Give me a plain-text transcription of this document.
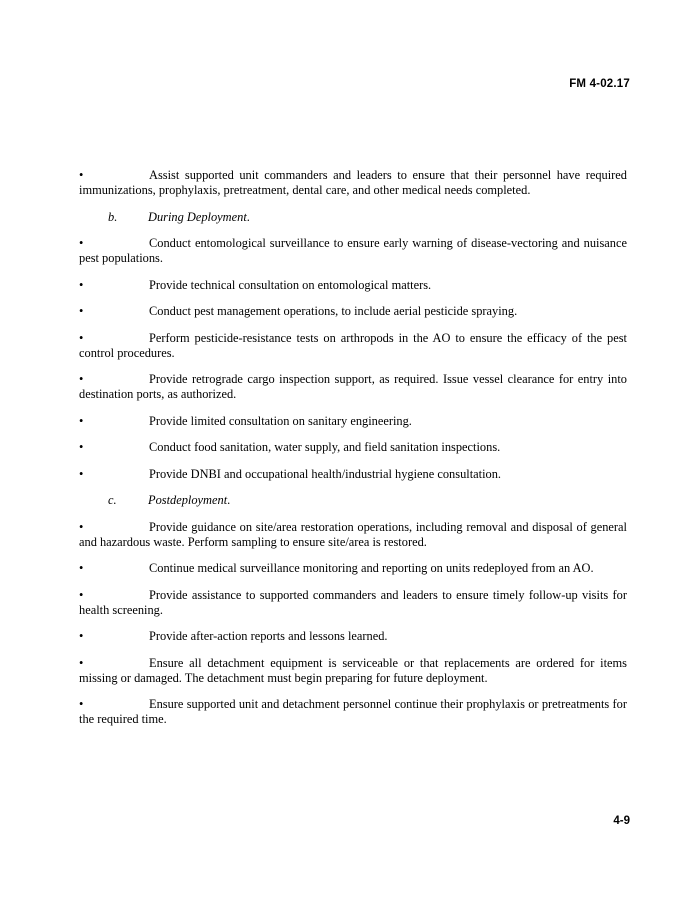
FM 4-02.17

•	Assist supported unit commanders and leaders to ensure that their personnel have required immunizations, prophylaxis, pretreatment, dental care, and other medical needs completed.

b. During Deployment.

•	Conduct entomological surveillance to ensure early warning of disease-vectoring and nuisance pest populations.

•	Provide technical consultation on entomological matters.

•	Conduct pest management operations, to include aerial pesticide spraying.

•	Perform pesticide-resistance tests on arthropods in the AO to ensure the efficacy of the pest control procedures.

•	Provide retrograde cargo inspection support, as required. Issue vessel clearance for entry into destination ports, as authorized.

•	Provide limited consultation on sanitary engineering.

•	Conduct food sanitation, water supply, and field sanitation inspections.

•	Provide DNBI and occupational health/industrial hygiene consultation.

c.	Postdeployment.

•	Provide guidance on site/area restoration operations, including removal and disposal of general and hazardous waste. Perform sampling to ensure site/area is restored.

•	Continue medical surveillance monitoring and reporting on units redeployed from an AO.

•	Provide assistance to supported commanders and leaders to ensure timely follow-up visits for health screening.

•	Provide after-action reports and lessons learned.

•	Ensure all detachment equipment is serviceable or that replacements are ordered for items missing or damaged. The detachment must begin preparing for future deployment.

•	Ensure supported unit and detachment personnel continue their prophylaxis or pretreatments for the required time.

4-9
